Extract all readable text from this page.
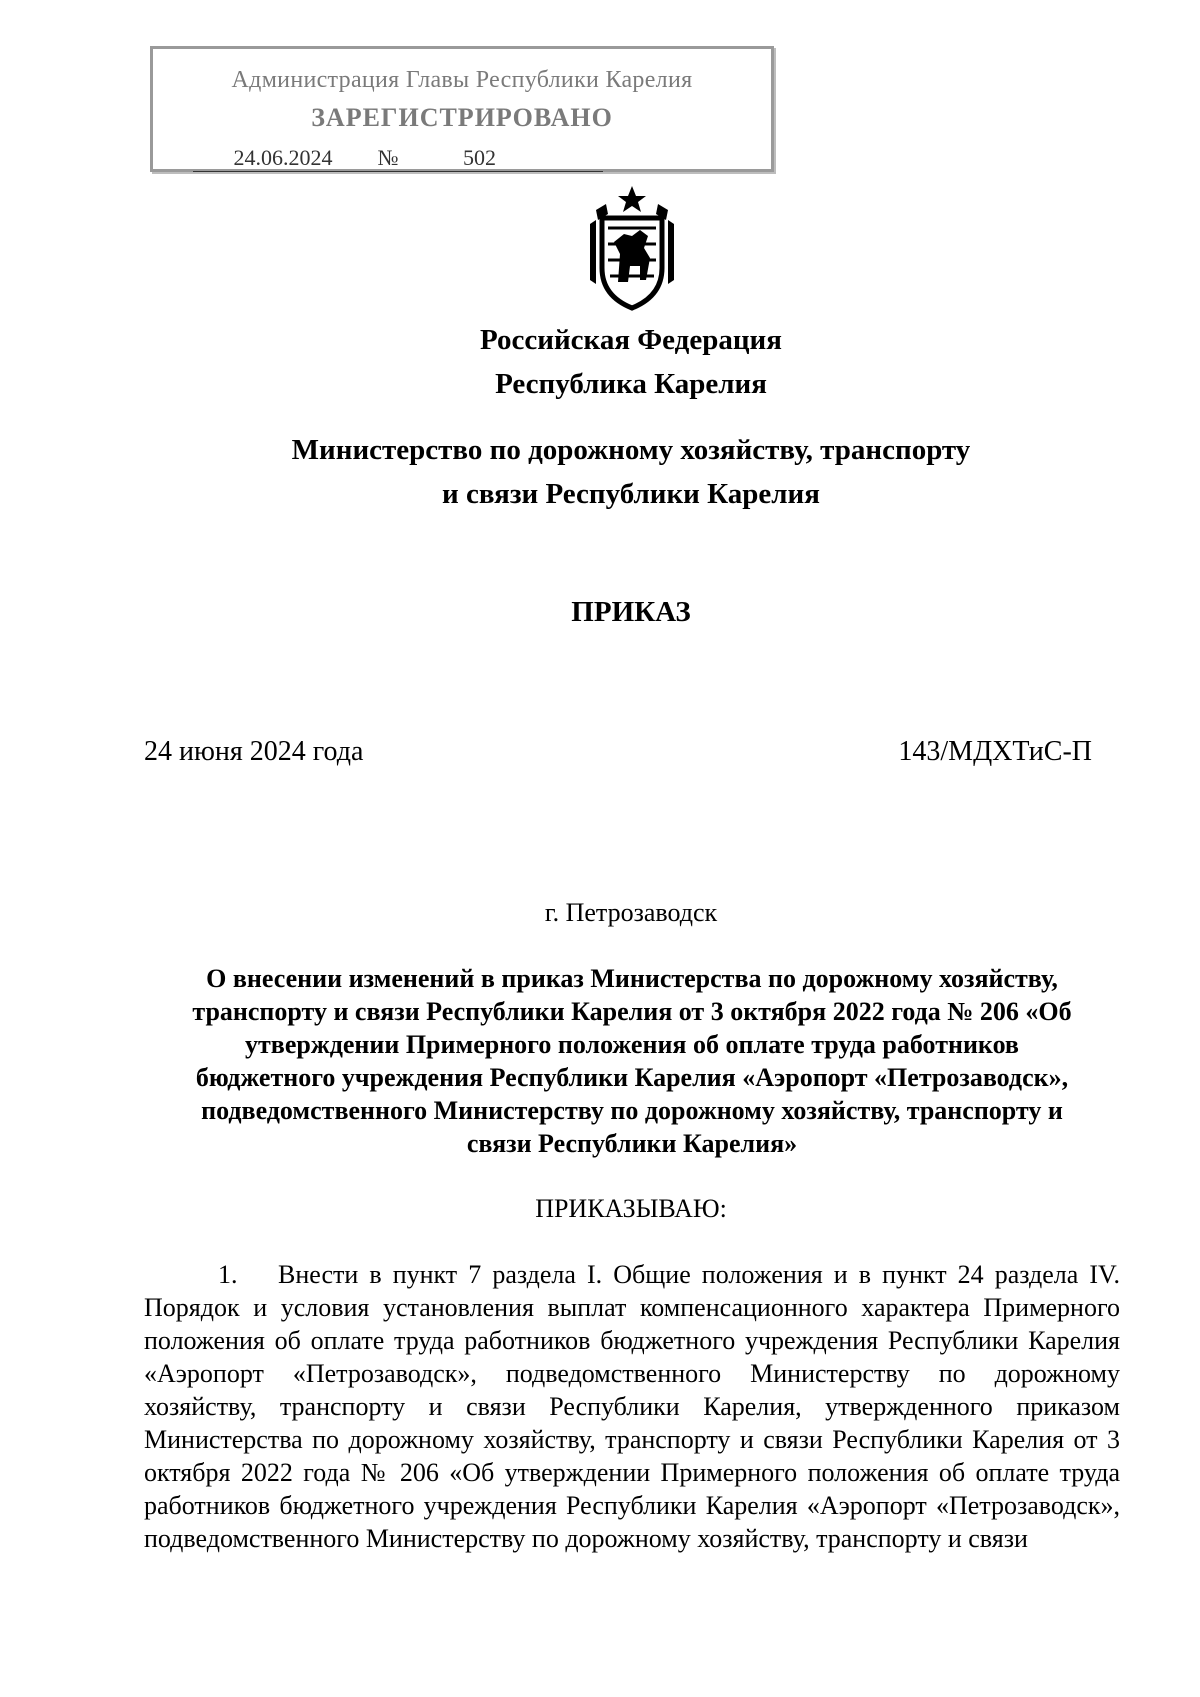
Администрация Главы Республики Карелия
ЗАРЕГИСТРИРОВАНО
24.06.2024 №	502
Российская Федерация
Республика Карелия
Министерство по дорожному хозяйству, транспорту
и связи Республики Карелия
ПРИКАЗ
24 июня 2024 года	143/МДХТиС-П
г. Петрозаводск
О внесении изменений в приказ Министерства по дорожному хозяйству,
транспорту и связи Республики Карелия от 3 октября 2022 года № 206 «Об
утверждении Примерного положения об оплате труда работников
бюджетного учреждения Республики Карелия «Аэропорт «Петрозаводск»,
подведомственного Министерству по дорожному хозяйству, транспорту и
связи Республики Карелия»
ПРИКАЗЫВАЮ:
1. Внести в пункт 7 раздела I. Общие положения и в пункт 24 раздела IV. Порядок и условия установления выплат компенсационного характера Примерного положения об оплате труда работников бюджетного учреждения Республики Карелия «Аэропорт «Петрозаводск», подведомственного Министерству по дорожному хозяйству, транспорту и связи Республики Карелия, утвержденного приказом Министерства по дорожному хозяйству, транспорту и связи Республики Карелия от 3 октября 2022 года № 206 «Об утверждении Примерного положения об оплате труда работников бюджетного учреждения Республики Карелия «Аэропорт «Петрозаводск», подведомственного Министерству по дорожному хозяйству, транспорту и связи
